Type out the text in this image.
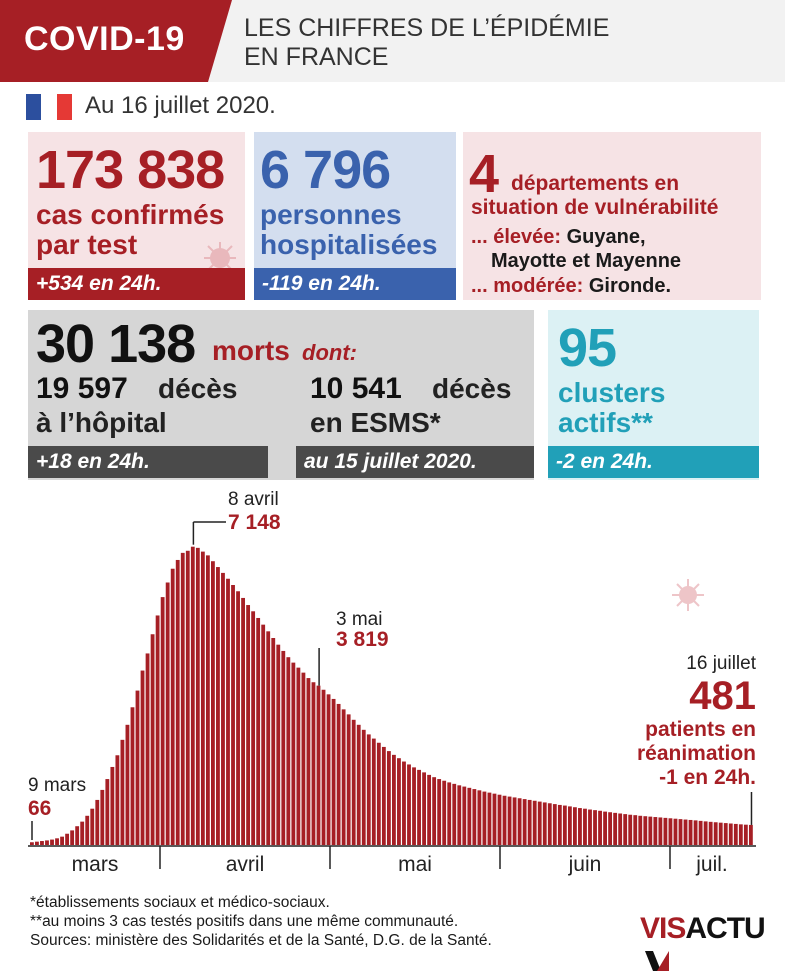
COVID-19 LES CHIFFRES DE L’ÉPIDÉMIE
EN FRANCE
Au 16 juillet 2020.
173 838
cas confirmés
par test
+534 en 24h.
6 796
personnes
hospitalisées
-119 en 24h.
4 départements en
situation de vulnérabilité
... élevée: Guyane,
Mayotte et Mayenne
... modérée: Gironde.
30 138 morts dont:
19 597 décès
à l’hôpital
+18 en 24h.
10 541 décès
en ESMS*
au 15 juillet 2020.
95
clusters
actifs**
-2 en 24h.
mars	avril	mai	juin	juil.
9 mars
66
8 avril
7 148
3 mai
3 819
16 juillet
481
patients en
réanimation
-1 en 24h.
*établissements sociaux et médico-sociaux.
**au moins 3 cas testés positifs dans une même communauté.
Sources: ministère des Solidarités et de la Santé, D.G. de la Santé.	VISACTU
